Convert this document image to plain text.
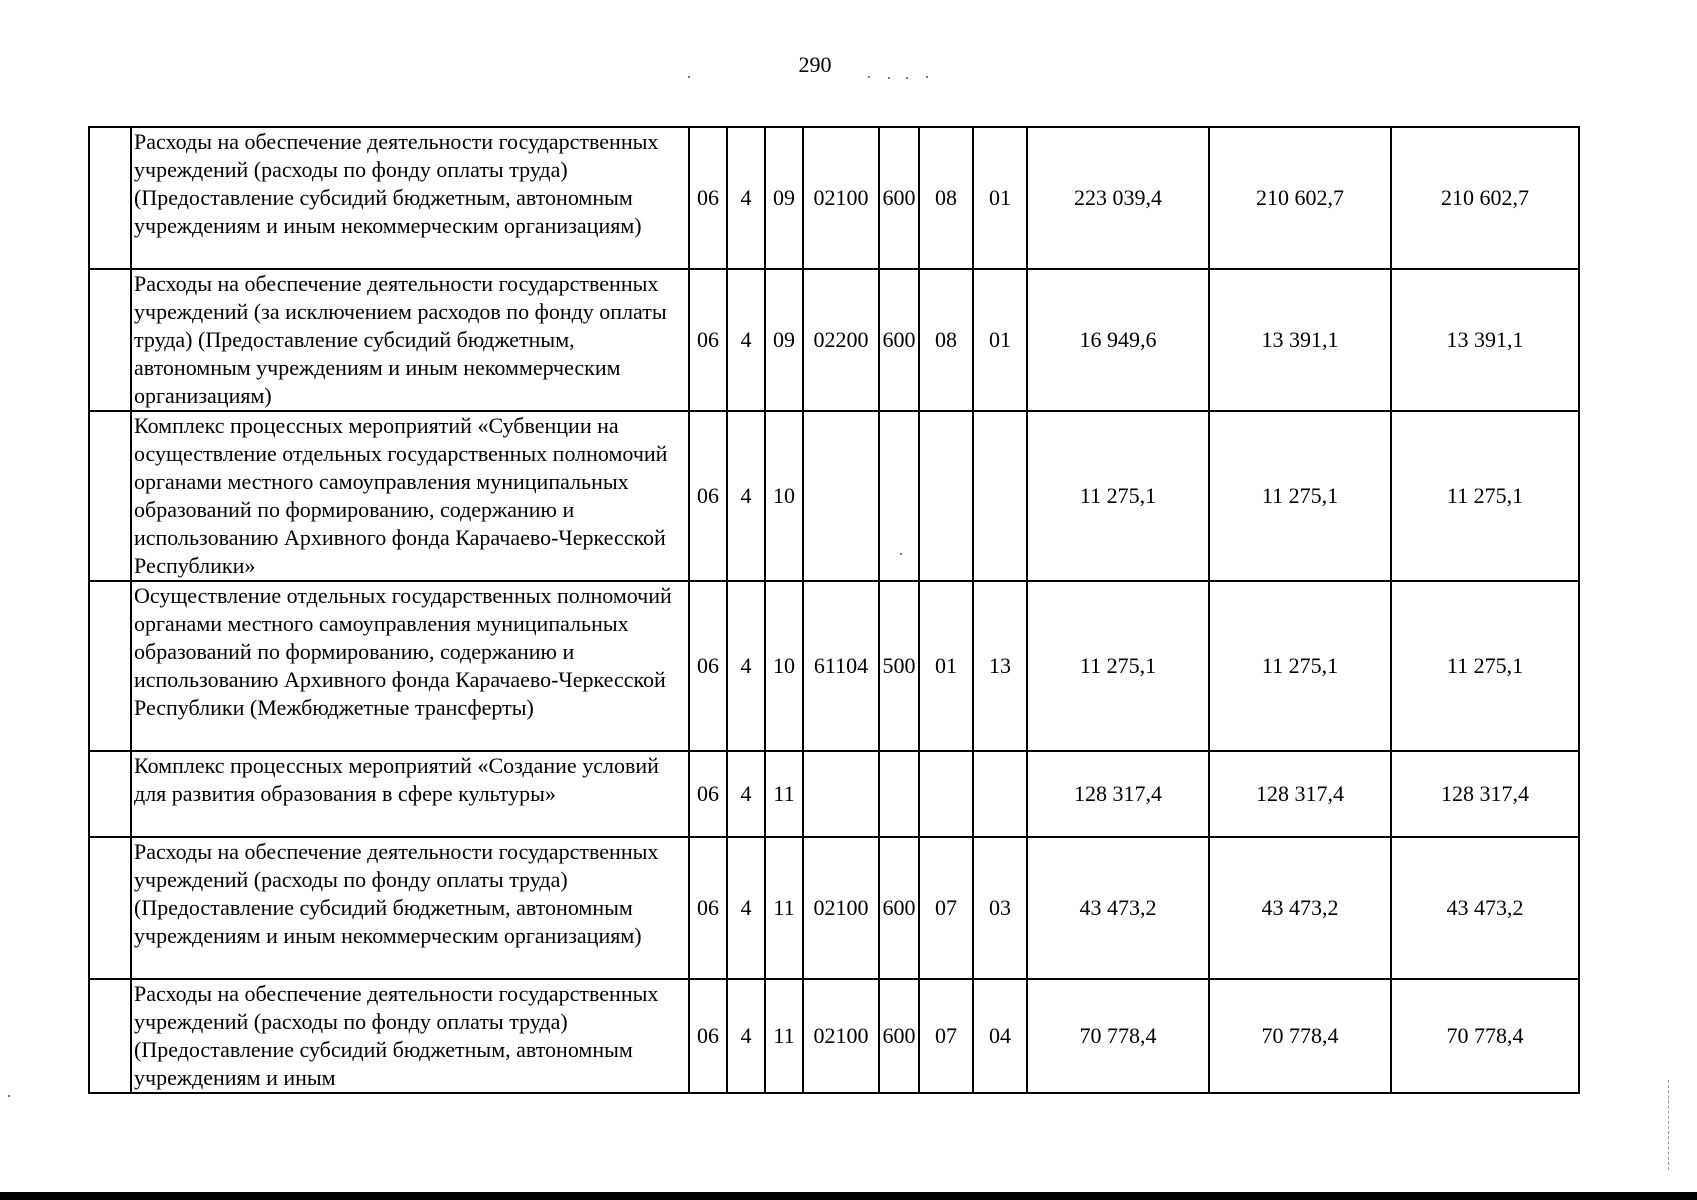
290
	Расходы на обеспечение деятельности государственных учреждений (расходы по фонду оплаты труда) (Предоставление субсидий бюджетным, автономным учреждениям и иным некоммерческим организациям)	06	4	09	02100	600	08	01	223 039,4	210 602,7	210 602,7
	Расходы на обеспечение деятельности государственных учреждений (за исключением расходов по фонду оплаты труда) (Предоставление субсидий бюджетным, автономным учреждениям и иным некоммерческим организациям)	06	4	09	02200	600	08	01	16 949,6	13 391,1	13 391,1
	Комплекс процессных мероприятий «Субвенции на осуществление отдельных государственных полномочий органами местного самоуправления муниципальных образований по формированию, содержанию и использованию Архивного фонда Карачаево-Черкесской Республики»	06	4	10					11 275,1	11 275,1	11 275,1
	Осуществление отдельных государственных полномочий органами местного самоуправления муниципальных образований по формированию, содержанию и использованию Архивного фонда Карачаево-Черкесской Республики (Межбюджетные трансферты)	06	4	10	61104	500	01	13	11 275,1	11 275,1	11 275,1
	Комплекс процессных мероприятий «Создание условий для развития образования в сфере культуры»	06	4	11					128 317,4	128 317,4	128 317,4
	Расходы на обеспечение деятельности государственных учреждений (расходы по фонду оплаты труда) (Предоставление субсидий бюджетным, автономным учреждениям и иным некоммерческим организациям)	06	4	11	02100	600	07	03	43 473,2	43 473,2	43 473,2
	Расходы на обеспечение деятельности государственных учреждений (расходы по фонду оплаты труда) (Предоставление субсидий бюджетным, автономным учреждениям и иным	06	4	11	02100	600	07	04	70 778,4	70 778,4	70 778,4
